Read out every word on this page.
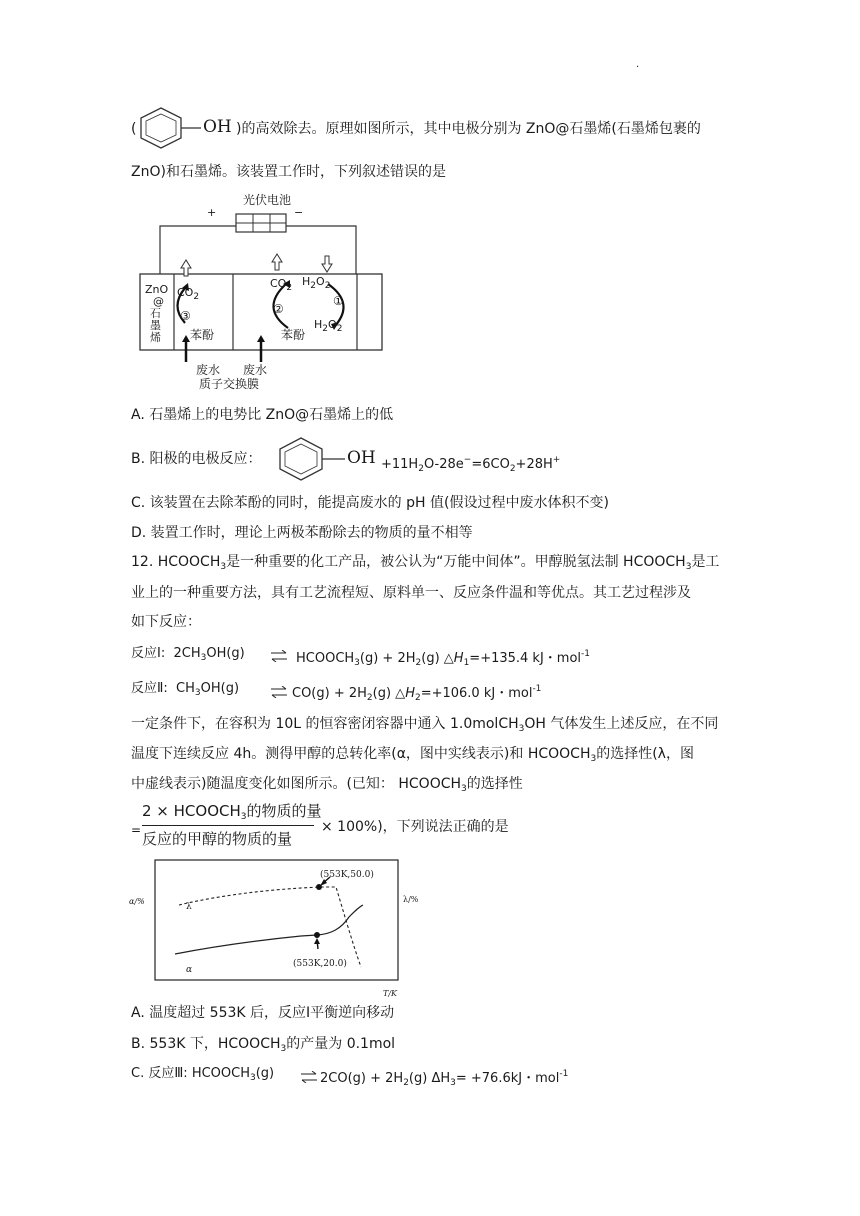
.
(	OH )的高效除去。原理如图所示，其中电极分别为 ZnO@石墨烯(石墨烯包裹的
ZnO)和石墨烯。该装置工作时，下列叙述错误的是
光伏电池
+	−
ZnO
@
石
墨
烯
$CO_2$
③
苯酚
$CO_2$
②
苯酚
$H_2O_2$
①
$H_2O_2$
废水 废水
质子交换膜
A. 石墨烯上的电势比 ZnO@石墨烯上的低
B. 阳极的电极反应：	OH $+11H_2O-28e^-=6CO_2+28H^+$
C. 该装置在去除苯酚的同时，能提高废水的 pH 值(假设过程中废水体积不变)
D. 装置工作时，理论上两极苯酚除去的物质的量不相等
12. $HCOOCH_3$是一种重要的化工产品，被公认为“万能中间体”。甲醇脱氢法制 $HCOOCH_3$是工
业上的一种重要方法，具有工艺流程短、原料单一、反应条件温和等优点。其工艺过程涉及
如下反应：
反应Ⅰ: $2CH_3OH(g)$ ⇌ $HCOOCH_3(g) + 2H_2(g)$ $\triangle H_1=+135.4$ kJ・mol$^{-1}$
反应Ⅱ: $CH_3OH(g)$ ⇌ $CO(g) + 2H_2(g)$ $\triangle H_2=+106.0$ kJ・mol$^{-1}$
一定条件下，在容积为 10L 的恒容密闭容器中通入 1.0molCH$_3$OH 气体发生上述反应，在不同
温度下连续反应 4h。测得甲醇的总转化率(α，图中实线表示)和 $HCOOCH_3$的选择性(λ，图
中虚线表示)随温度变化如图所示。(已知： $HCOOCH_3$的选择性
=
$2 \times HCOOCH_3$的物质的量
反应的甲醇的物质的量
× 100%)，下列说法正确的是
α/%	λ/%
T/K
λ
α
(553K,50.0)
(553K,20.0)
A. 温度超过 553K 后，反应Ⅰ平衡逆向移动
B. 553K 下，$HCOOCH_3$的产量为 0.1mol
C. 反应Ⅲ: $HCOOCH_3(g)$ ⇌ $2CO(g) + 2H_2(g)$ $\Delta H_3= +76.6kJ$・mol$^{-1}$
